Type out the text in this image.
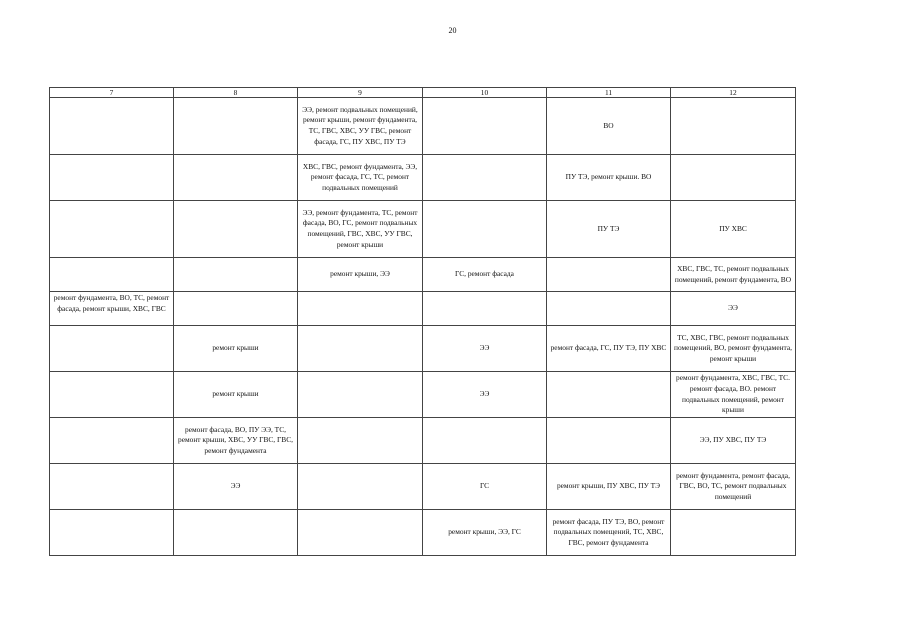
20
7	8	9	10	11	12
		ЭЭ, ремонт подвальных помещений, ремонт крыши, ремонт фундамента, ТС, ГВС, ХВС, УУ ГВС, ремонт фасада, ГС, ПУ ХВС, ПУ ТЭ		ВО	
		ХВС, ГВС, ремонт фундамента, ЭЭ, ремонт фасада, ГС, ТС, ремонт подвальных помещений		ПУ ТЭ, ремонт крыши. ВО	
		ЭЭ, ремонт фундамента, ТС, ремонт фасада, ВО, ГС, ремонт подвальных помещений, ГВС, ХВС, УУ ГВС, ремонт крыши		ПУ ТЭ	ПУ ХВС
		ремонт крыши, ЭЭ	ГС, ремонт фасада		ХВС, ГВС, ТС, ремонт подвальных помещений, ремонт фундамента, ВО
ремонт фундамента, ВО, ТС, ремонт фасада, ремонт крыши, ХВС, ГВС					ЭЭ
	ремонт крыши		ЭЭ	ремонт фасада, ГС, ПУ ТЭ, ПУ ХВС	ТС, ХВС, ГВС, ремонт подвальных помещений, ВО, ремонт фундамента, ремонт крыши
	ремонт крыши		ЭЭ		ремонт фундамента, ХВС, ГВС, ТС. ремонт фасада, ВО. ремонт подвальных помещений, ремонт крыши
	ремонт фасада, ВО, ПУ ЭЭ, ТС, ремонт крыши, ХВС, УУ ГВС, ГВС, ремонт фундамента				ЭЭ, ПУ ХВС, ПУ ТЭ
	ЭЭ		ГС	ремонт крыши, ПУ ХВС, ПУ ТЭ	ремонт фундамента, ремонт фасада, ГВС, ВО, ТС, ремонт подвальных помещений
			ремонт крыши, ЭЭ, ГС	ремонт фасада, ПУ ТЭ, ВО, ремонт подвальных помещений, ТС, ХВС, ГВС, ремонт фундамента	
